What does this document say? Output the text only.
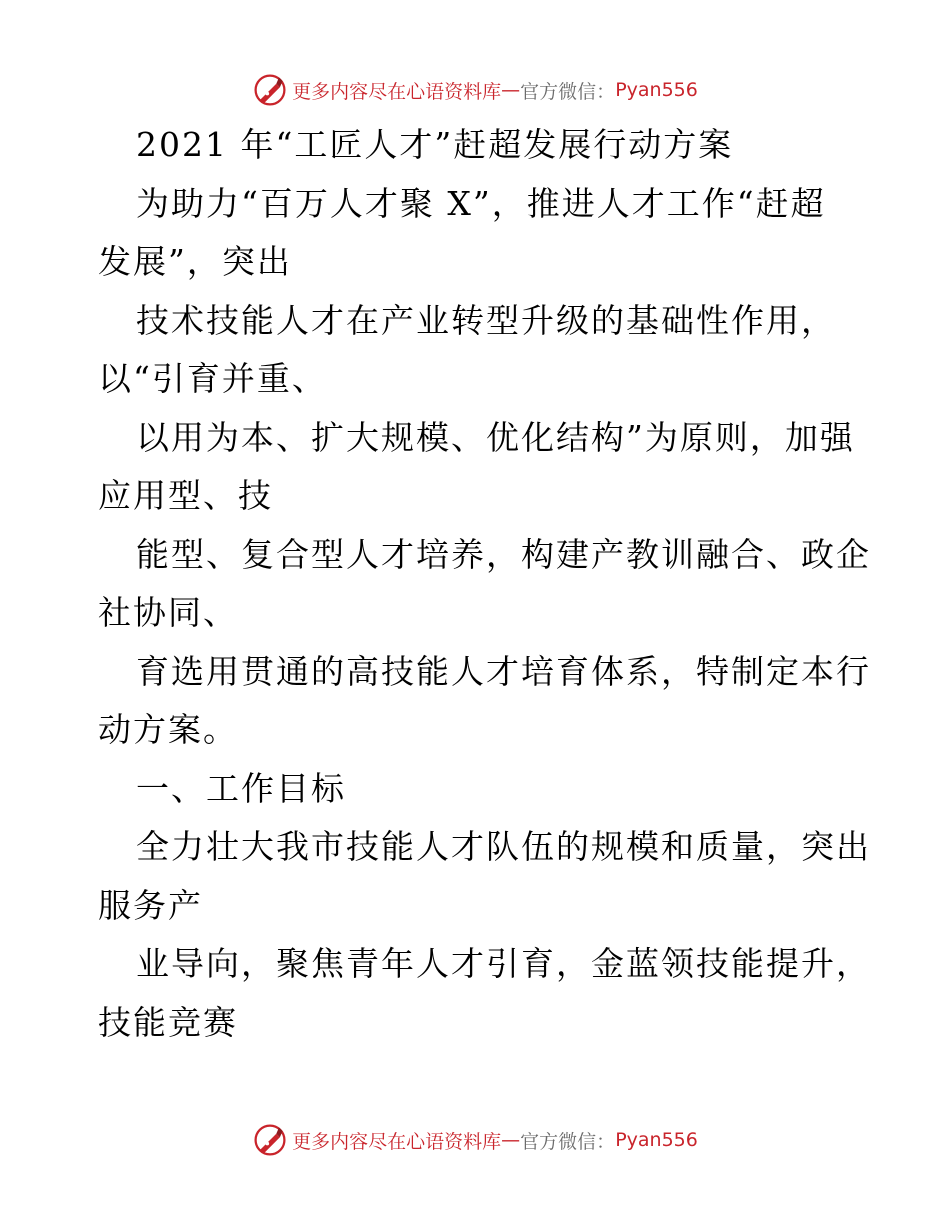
更多内容尽在心语资料库 — 官方微信： Pyan556

2021 年“工匠人才”赶超发展行动方案

为助力“百万人才聚 X”，推进人才工作“赶超

发展”，突出

技术技能人才在产业转型升级的基础性作用，

以“引育并重、

以用为本、扩大规模、优化结构”为原则，加强

应用型、技

能型、复合型人才培养，构建产教训融合、政企

社协同、

育选用贯通的高技能人才培育体系，特制定本行

动方案。

一、工作目标

全力壮大我市技能人才队伍的规模和质量，突出

服务产

业导向，聚焦青年人才引育，金蓝领技能提升，

技能竞赛

更多内容尽在心语资料库 — 官方微信： Pyan556
